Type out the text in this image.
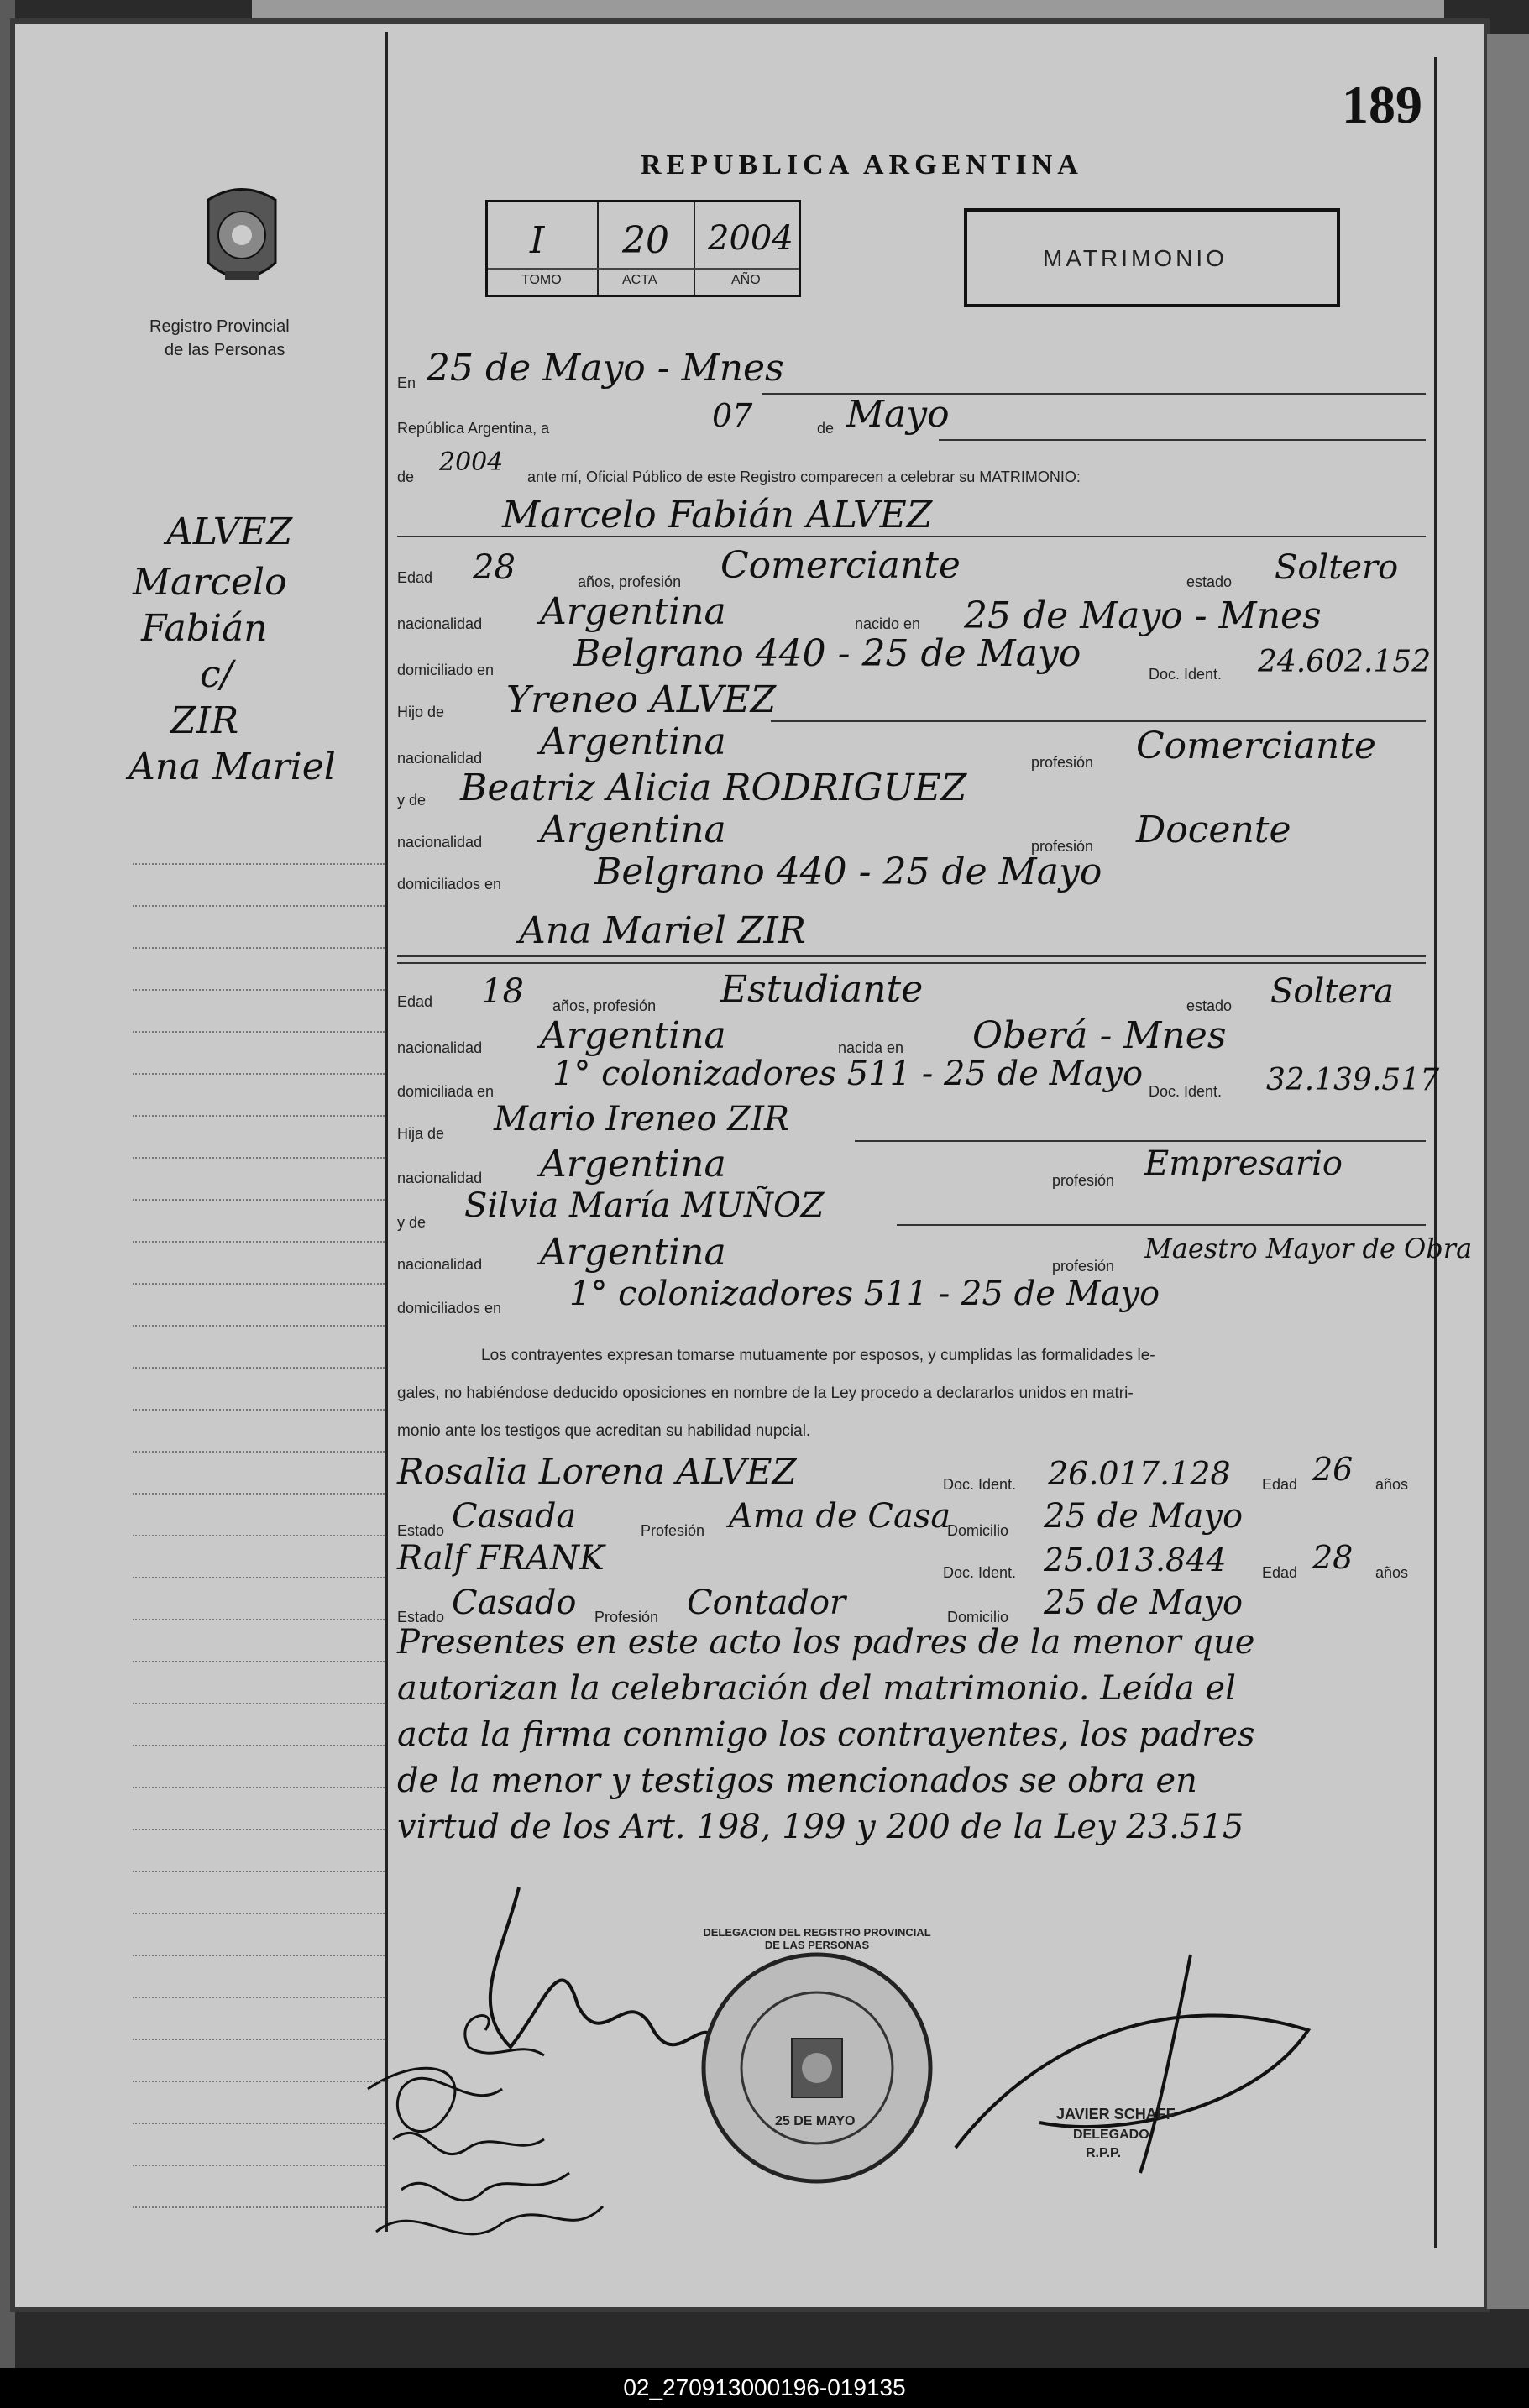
189
Registro Provincial
de las Personas
REPUBLICA ARGENTINA
I 20 2004
TOMO	ACTA	AÑO
MATRIMONIO
ALVEZ
Marcelo
Fabián
c/
ZIR
Ana Mariel
En 25 de Mayo - Mnes
República Argentina, a	07	de Mayo
de 2004 ante mí, Oficial Público de este Registro comparecen a celebrar su MATRIMONIO:
Marcelo Fabián ALVEZ
Edad 28	años, profesión Comerciante	estado Soltero
nacionalidad Argentina	nacido en 25 de Mayo - Mnes
domiciliado en Belgrano 440 - 25 de Mayo	Doc. Ident. 24.602.152
Hijo de Yreneo ALVEZ
nacionalidad Argentina	profesión Comerciante
y de Beatriz Alicia RODRIGUEZ
nacionalidad Argentina	profesión Docente
domiciliados en	Belgrano 440 - 25 de Mayo
Ana Mariel ZIR
Edad 18 años, profesión Estudiante	estado Soltera
nacionalidad Argentina	nacida en Oberá - Mnes
domiciliada en 1° colonizadores 511 - 25 de Mayo Doc. Ident. 32.139.517
Hija de Mario Ireneo ZIR
nacionalidad Argentina	profesión Empresario
y de Silvia María MUÑOZ
nacionalidad Argentina	profesión
Maestro Mayor de Obra
domiciliados en 1° colonizadores 511 - 25 de Mayo
Los contrayentes expresan tomarse mutuamente por esposos, y cumplidas las formalidades le-
gales, no habiéndose deducido oposiciones en nombre de la Ley procedo a declararlos unidos en matri-
monio ante los testigos que acreditan su habilidad nupcial.
Rosalia Lorena ALVEZ	Doc. Ident. 26.017.128 Edad 26 años
Estado Casada	Profesión Ama de Casa
Domicilio 25 de Mayo
Ralf FRANK	Doc. Ident. 25.013.844 Edad 28 años
Estado Casado Profesión Contador	Domicilio 25 de Mayo
Presentes en este acto los padres de la menor que
autorizan la celebración del matrimonio. Leída el
acta la firma conmigo los contrayentes, los padres
de la menor y testigos mencionados se obra en
virtud de los Art. 198, 199 y 200 de la Ley 23.515
DELEGACION DEL REGISTRO PROVINCIAL DE LAS PERSONAS
25 DE MAYO	JAVIER SCHAFF
DELEGADO
R.P.P.
02_270913000196-019135
